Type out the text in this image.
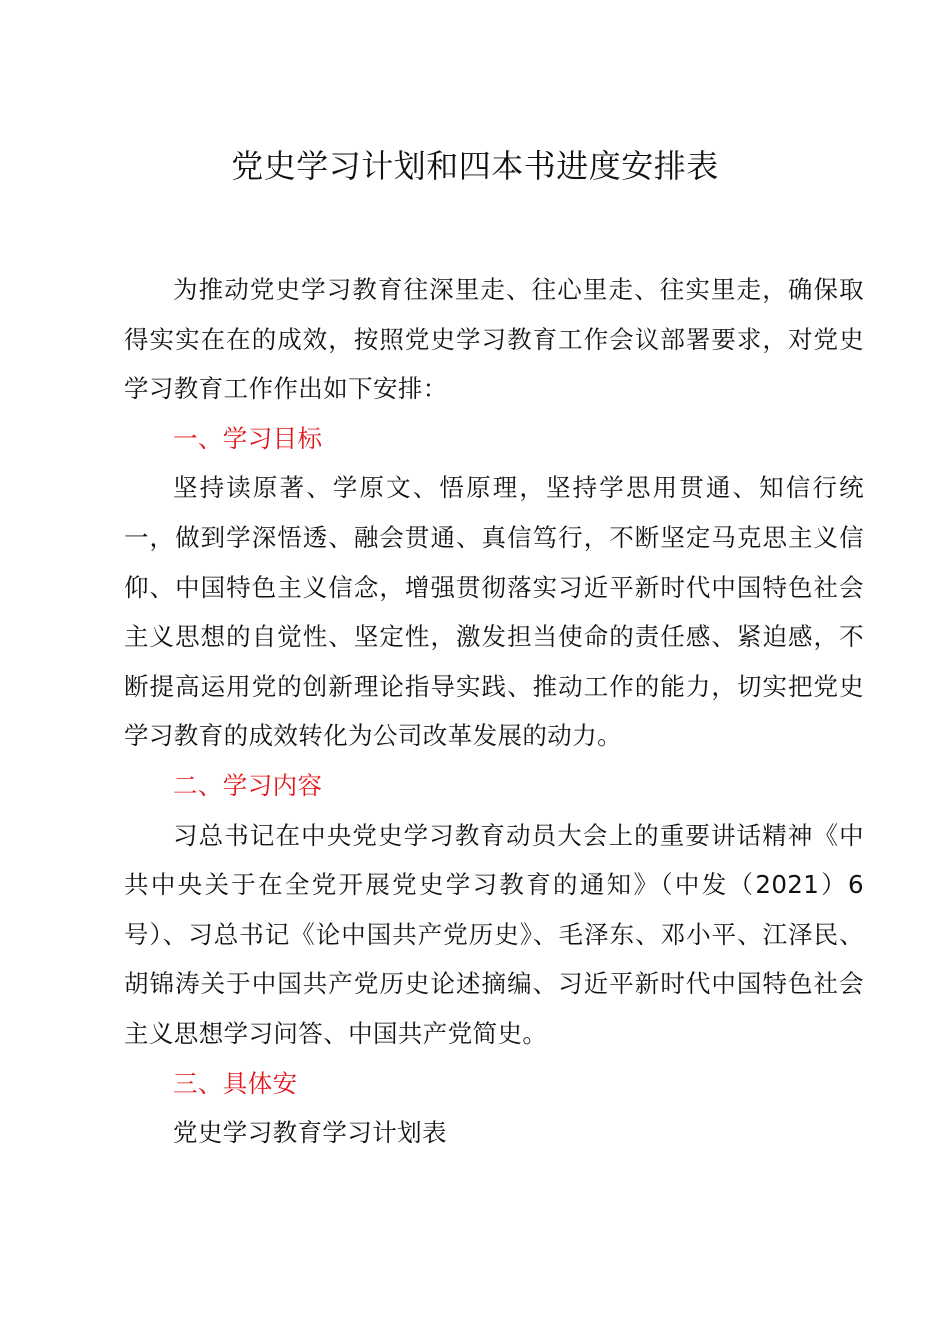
党史学习计划和四本书进度安排表

为推动党史学习教育往深里走、往心里走、往实里走，确保取得实实在在的成效，按照党史学习教育工作会议部署要求，对党史学习教育工作作出如下安排：

一、学习目标

坚持读原著、学原文、悟原理，坚持学思用贯通、知信行统一，做到学深悟透、融会贯通、真信笃行，不断坚定马克思主义信仰、中国特色主义信念，增强贯彻落实习近平新时代中国特色社会主义思想的自觉性、坚定性，激发担当使命的责任感、紧迫感，不断提高运用党的创新理论指导实践、推动工作的能力，切实把党史学习教育的成效转化为公司改革发展的动力。

二、学习内容

习总书记在中央党史学习教育动员大会上的重要讲话精神《中共中央关于在全党开展党史学习教育的通知》（中发（2021）6号）、习总书记《论中国共产党历史》、毛泽东、邓小平、江泽民、胡锦涛关于中国共产党历史论述摘编、习近平新时代中国特色社会主义思想学习问答、中国共产党简史。

三、具体安

党史学习教育学习计划表
